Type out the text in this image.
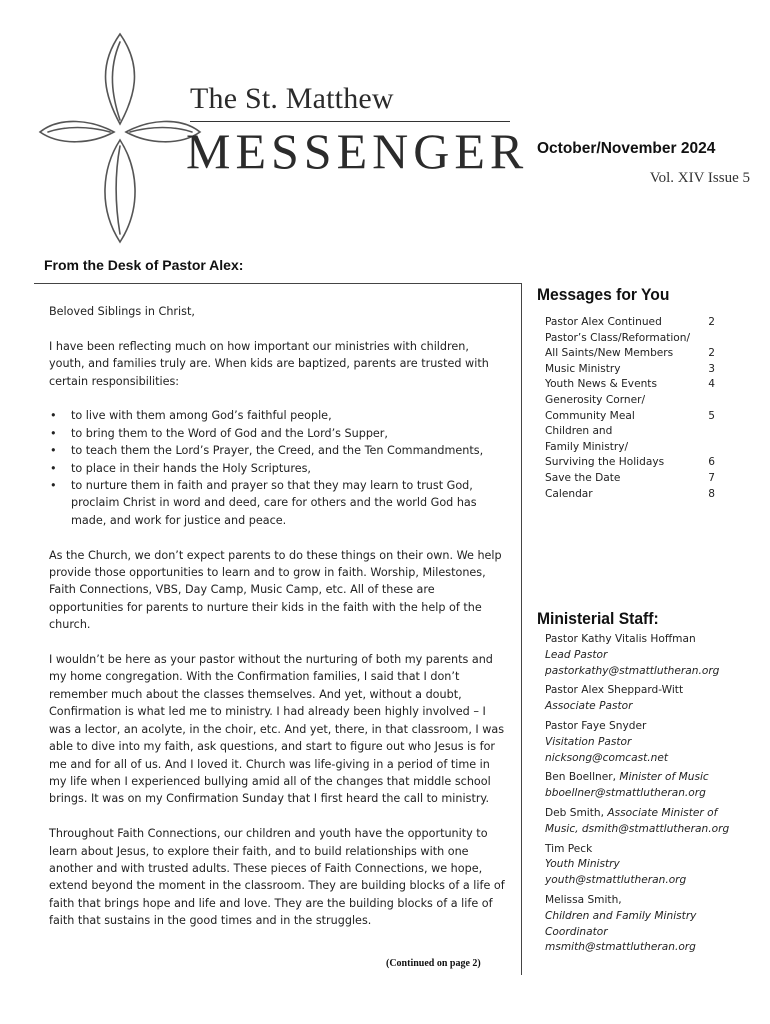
The St. Matthew
MESSENGER October/November 2024
Vol. XIV Issue 5
From the Desk of Pastor Alex:

Beloved Siblings in Christ,

I have been reflecting much on how important our ministries with children, youth, and families truly are. When kids are baptized, parents are trusted with certain responsibilities:

• to live with them among God’s faithful people,
• to bring them to the Word of God and the Lord’s Supper,
• to teach them the Lord’s Prayer, the Creed, and the Ten Commandments,
• to place in their hands the Holy Scriptures,
• to nurture them in faith and prayer so that they may learn to trust God, proclaim Christ in word and deed, care for others and the world God has made, and work for justice and peace.

As the Church, we don’t expect parents to do these things on their own. We help provide those opportunities to learn and to grow in faith. Worship, Milestones, Faith Connections, VBS, Day Camp, Music Camp, etc. All of these are opportunities for parents to nurture their kids in the faith with the help of the church.

I wouldn’t be here as your pastor without the nurturing of both my parents and my home congregation. With the Confirmation families, I said that I don’t remember much about the classes themselves. And yet, without a doubt, Confirmation is what led me to ministry. I had already been highly involved – I was a lector, an acolyte, in the choir, etc. And yet, there, in that classroom, I was able to dive into my faith, ask questions, and start to figure out who Jesus is for me and for all of us. And I loved it. Church was life-giving in a period of time in my life when I experienced bullying amid all of the changes that middle school brings. It was on my Confirmation Sunday that I first heard the call to ministry.

Throughout Faith Connections, our children and youth have the opportunity to learn about Jesus, to explore their faith, and to build relationships with one another and with trusted adults. These pieces of Faith Connections, we hope, extend beyond the moment in the classroom. They are building blocks of a life of faith that brings hope and life and love. They are the building blocks of a life of faith that sustains in the good times and in the struggles.

(Continued on page 2)
Messages for You
Pastor Alex Continued	2
Pastor’s Class/Reformation/
All Saints/New Members	2
Music Ministry	3
Youth News & Events	4
Generosity Corner/
Community Meal	5
Children and
Family Ministry/
Surviving the Holidays	6
Save the Date	7
Calendar	8
Ministerial Staff:
Pastor Kathy Vitalis Hoffman
Lead Pastor
pastorkathy@stmattlutheran.org
Pastor Alex Sheppard-Witt
Associate Pastor
Pastor Faye Snyder
Visitation Pastor
nicksong@comcast.net
Ben Boellner, Minister of Music
bboellner@stmattlutheran.org
Deb Smith, Associate Minister of
Music, dsmith@stmattlutheran.org
Tim Peck
Youth Ministry
youth@stmattlutheran.org
Melissa Smith,
Children and Family Ministry
Coordinator
msmith@stmattlutheran.org
